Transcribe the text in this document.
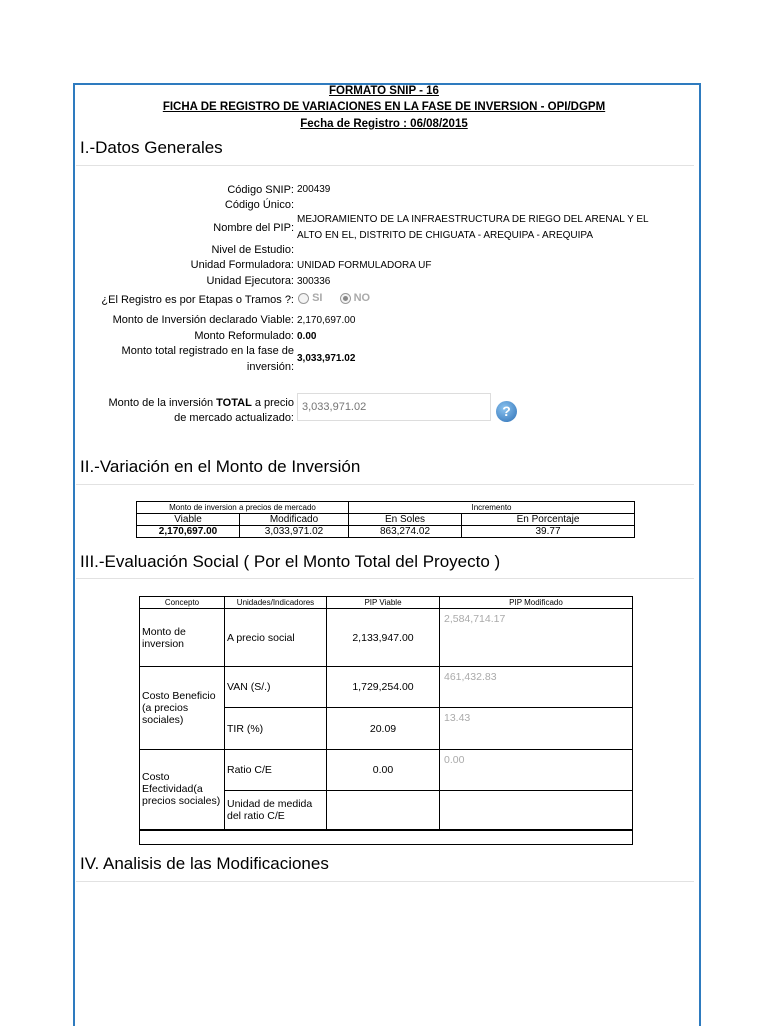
FORMATO SNIP - 16
FICHA DE REGISTRO DE VARIACIONES EN LA FASE DE INVERSION - OPI/DGPM
Fecha de Registro : 06/08/2015
I.-Datos Generales
Código SNIP: 200439
Código Único:
Nombre del PIP:
MEJORAMIENTO DE LA INFRAESTRUCTURA DE RIEGO DEL ARENAL Y EL
ALTO EN EL, DISTRITO DE CHIGUATA - AREQUIPA - AREQUIPA
Nivel de Estudio:
Unidad Formuladora: UNIDAD FORMULADORA UF
Unidad Ejecutora: 300336
¿El Registro es por Etapas o Tramos ?:	SI	NO
Monto de Inversión declarado Viable: 2,170,697.00
Monto Reformulado: 0.00
Monto total registrado en la fase de
inversión:
3,033,971.02
Monto de la inversión TOTAL a precio
de mercado actualizado:
3,033,971.02	?
II.-Variación en el Monto de Inversión
Monto de inversion a precios de mercado		Incremento	
Viable	Modificado	En Soles	En Porcentaje
2,170,697.00	3,033,971.02	863,274.02	39.77
III.-Evaluación Social ( Por el Monto Total del Proyecto )
Concepto	Unidades/Indicadores	PIP Viable	PIP Modificado
Monto de inversion	A precio social	2,133,947.00	2,584,714.17
Costo Beneficio (a precios sociales)	VAN (S/.)	1,729,254.00	461,432.83
	TIR (%)	20.09	13.43
Costo Efectividad(a precios sociales)	Ratio C/E	0.00	0.00
	Unidad de medida del ratio C/E		

IV. Analisis de las Modificaciones
